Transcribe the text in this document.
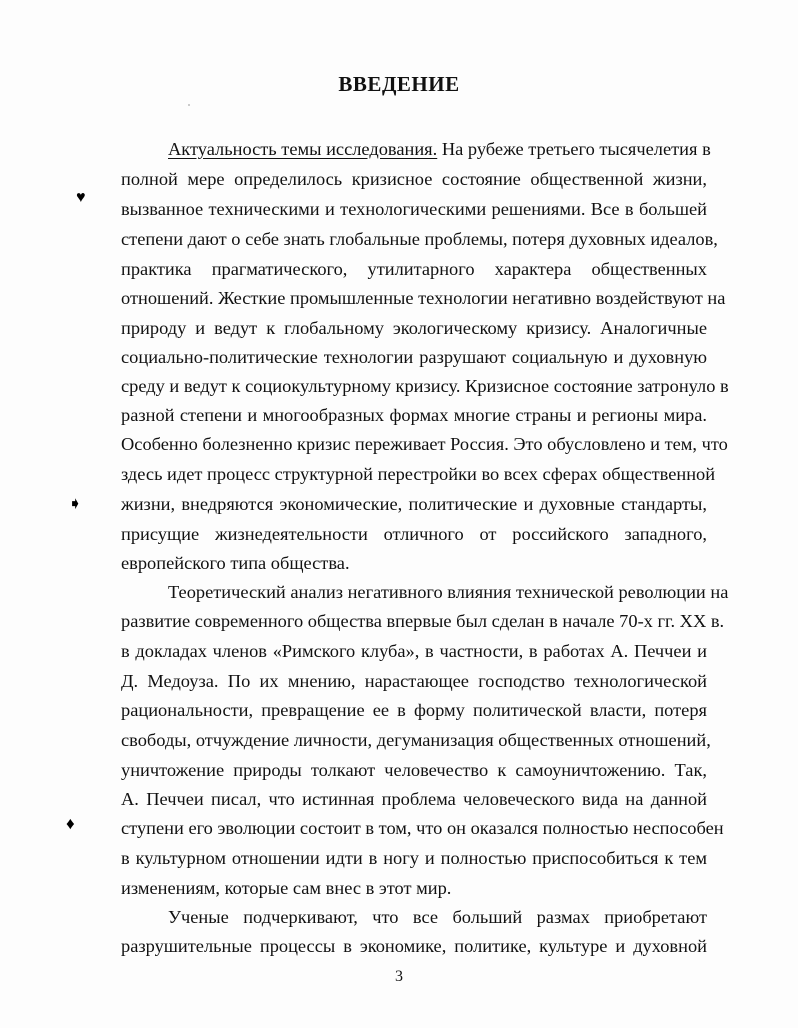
ВВЕДЕНИЕ
Актуальность темы исследования. На рубеже третьего тысячелетия в
полной мере определилось кризисное состояние общественной жизни,
вызванное техническими и технологическими решениями. Все в большей
степени дают о себе знать глобальные проблемы, потеря духовных идеалов,
практика прагматического, утилитарного характера общественных
отношений. Жесткие промышленные технологии негативно воздействуют на
природу и ведут к глобальному экологическому кризису. Аналогичные
социально-политические технологии разрушают социальную и духовную
среду и ведут к социокультурному кризису. Кризисное состояние затронуло в
разной степени и многообразных формах многие страны и регионы мира.
Особенно болезненно кризис переживает Россия. Это обусловлено и тем, что
здесь идет процесс структурной перестройки во всех сферах общественной
жизни, внедряются экономические, политические и духовные стандарты,
присущие жизнедеятельности отличного от российского западного,
европейского типа общества.
Теоретический анализ негативного влияния технической революции на
развитие современного общества впервые был сделан в начале 70-х гг. XX в.
в докладах членов «Римского клуба», в частности, в работах А. Печчеи и
Д. Медоуза. По их мнению, нарастающее господство технологической
рациональности, превращение ее в форму политической власти, потеря
свободы, отчуждение личности, дегуманизация общественных отношений,
уничтожение природы толкают человечество к самоуничтожению. Так,
А. Печчеи писал, что истинная проблема человеческого вида на данной
ступени его эволюции состоит в том, что он оказался полностью неспособен
в культурном отношении идти в ногу и полностью приспособиться к тем
изменениям, которые сам внес в этот мир.
Ученые подчеркивают, что все больший размах приобретают
разрушительные процессы в экономике, политике, культуре и духовной
♥
➧
♦
3
